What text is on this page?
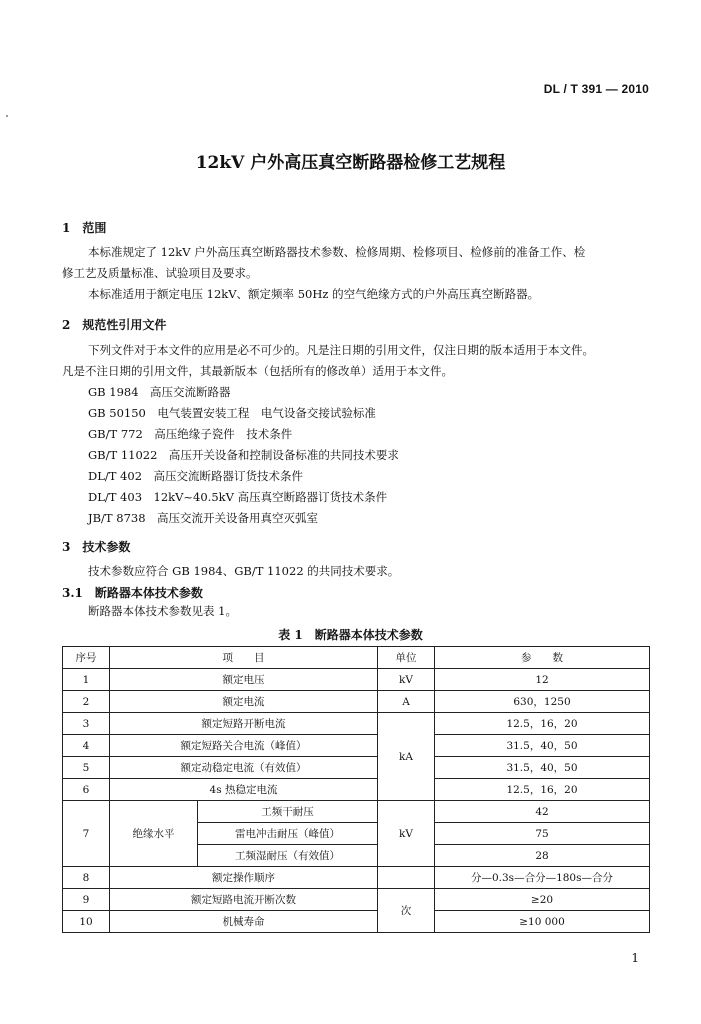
DL / T 391 — 2010
12kV 户外高压真空断路器检修工艺规程
1　范围
本标准规定了 12kV 户外高压真空断路器技术参数、检修周期、检修项目、检修前的准备工作、检
修工艺及质量标准、试验项目及要求。
本标准适用于额定电压 12kV、额定频率 50Hz 的空气绝缘方式的户外高压真空断路器。
2　规范性引用文件
下列文件对于本文件的应用是必不可少的。凡是注日期的引用文件，仅注日期的版本适用于本文件。
凡是不注日期的引用文件，其最新版本（包括所有的修改单）适用于本文件。
GB 1984　高压交流断路器
GB 50150　电气装置安装工程　电气设备交接试验标准
GB/T 772　高压绝缘子瓷件　技术条件
GB/T 11022　高压开关设备和控制设备标准的共同技术要求
DL/T 402　高压交流断路器订货技术条件
DL/T 403　12kV~40.5kV 高压真空断路器订货技术条件
JB/T 8738　高压交流开关设备用真空灭弧室
3　技术参数
技术参数应符合 GB 1984、GB/T 11022 的共同技术要求。
3.1　断路器本体技术参数
断路器本体技术参数见表 1。
表 1　断路器本体技术参数
序号	项　　目		单位	参　　数
1	额定电压		kV	12
2	额定电流		A	630，1250
3	额定短路开断电流		kA	12.5，16，20
4	额定短路关合电流（峰值）			31.5，40，50
5	额定动稳定电流（有效值）			31.5，40，50
6	4s 热稳定电流			12.5，16，20
7	绝缘水平	工频干耐压	kV	42
		雷电冲击耐压（峰值）		75
		工频湿耐压（有效值）		28
8	额定操作顺序			分—0.3s—合分—180s—合分
9	额定短路电流开断次数		次	≥20
10	机械寿命			≥10 000
1
